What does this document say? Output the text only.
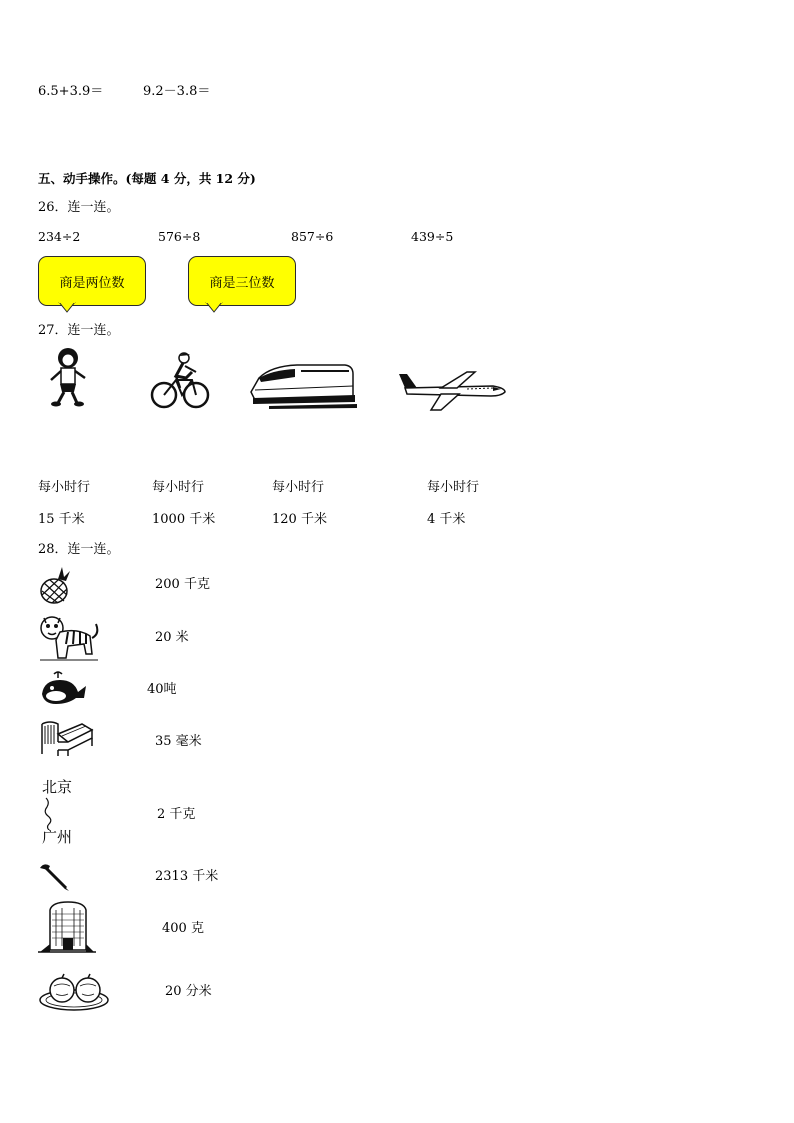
6.5+3.9＝	9.2－3.8＝
五、动手操作。(每题 4 分，共 12 分)
26．连一连。
234÷2	576÷8	857÷6	439÷5
商是两位数	商是三位数
27．连一连。
每小时行	每小时行	每小时行	每小时行
15 千米	1000 千米	120 千米	4 千米
28．连一连。
200 千克
20 米
40吨
35 毫米
北京
广州
2 千克
2313 千米
400 克
20 分米
